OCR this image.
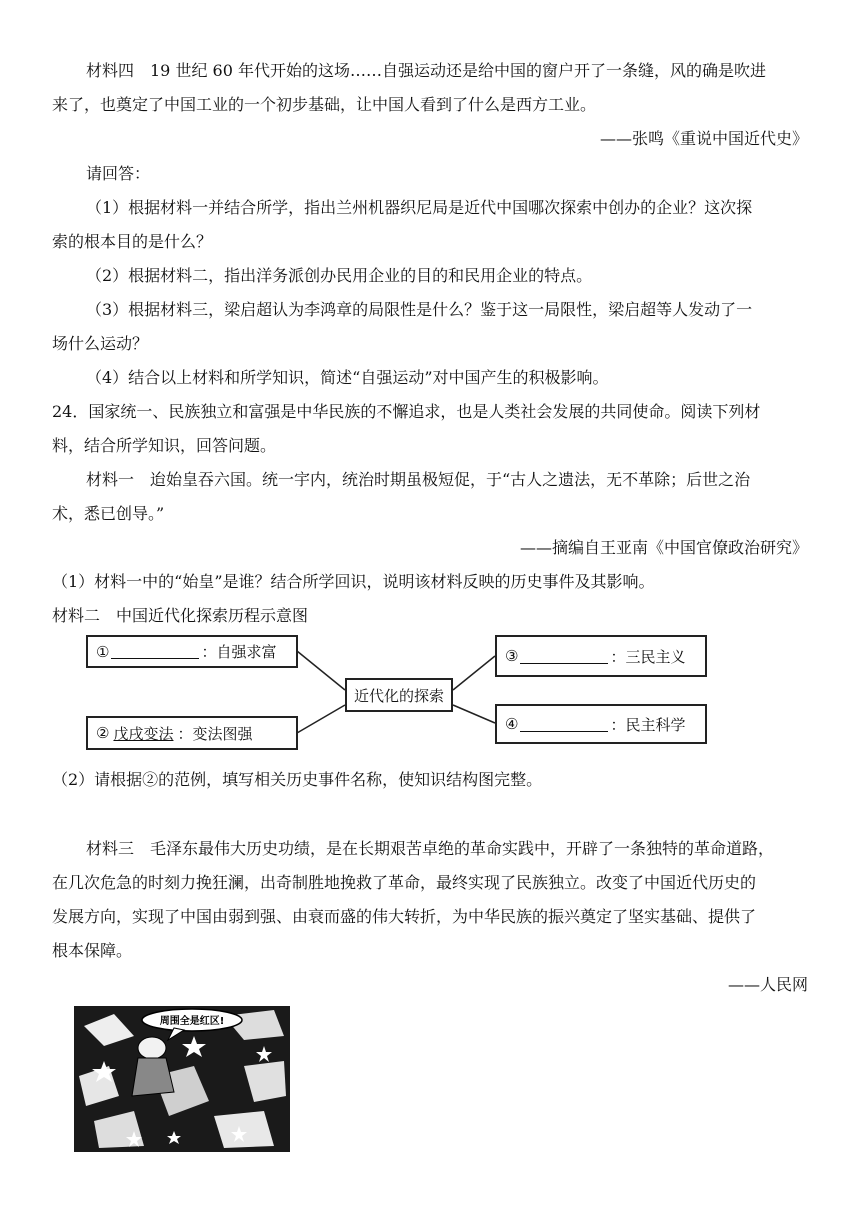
材料四　19 世纪 60 年代开始的这场……自强运动还是给中国的窗户开了一条缝，风的确是吹进
来了，也奠定了中国工业的一个初步基础，让中国人看到了什么是西方工业。
——张鸣《重说中国近代史》
请回答：
（1）根据材料一并结合所学，指出兰州机器织尼局是近代中国哪次探索中创办的企业？这次探
索的根本目的是什么？
（2）根据材料二，指出洋务派创办民用企业的目的和民用企业的特点。
（3）根据材料三，梁启超认为李鸿章的局限性是什么？鉴于这一局限性，梁启超等人发动了一
场什么运动？
（4）结合以上材料和所学知识，简述“自强运动”对中国产生的积极影响。
24．国家统一、民族独立和富强是中华民族的不懈追求，也是人类社会发展的共同使命。阅读下列材
料，结合所学知识，回答问题。
材料一　迨始皇吞六国。统一宇内，统治时期虽极短促，于“古人之遗法，无不革除；后世之治
术，悉已创导。”
——摘编自王亚南《中国官僚政治研究》
（1）材料一中的“始皇”是谁？结合所学回识，说明该材料反映的历史事件及其影响。
材料二　中国近代化探索历程示意图
①	：自强求富
② 戊戌变法 ：变法图强
近代化的探索
③	：三民主义
④	：民主科学
（2）请根据②的范例，填写相关历史事件名称，使知识结构图完整。
材料三　毛泽东最伟大历史功绩，是在长期艰苦卓绝的革命实践中，开辟了一条独特的革命道路，
在几次危急的时刻力挽狂澜，出奇制胜地挽救了革命，最终实现了民族独立。改变了中国近代历史的
发展方向，实现了中国由弱到强、由衰而盛的伟大转折，为中华民族的振兴奠定了坚实基础、提供了
根本保障。
——人民网
周围全是红区!
